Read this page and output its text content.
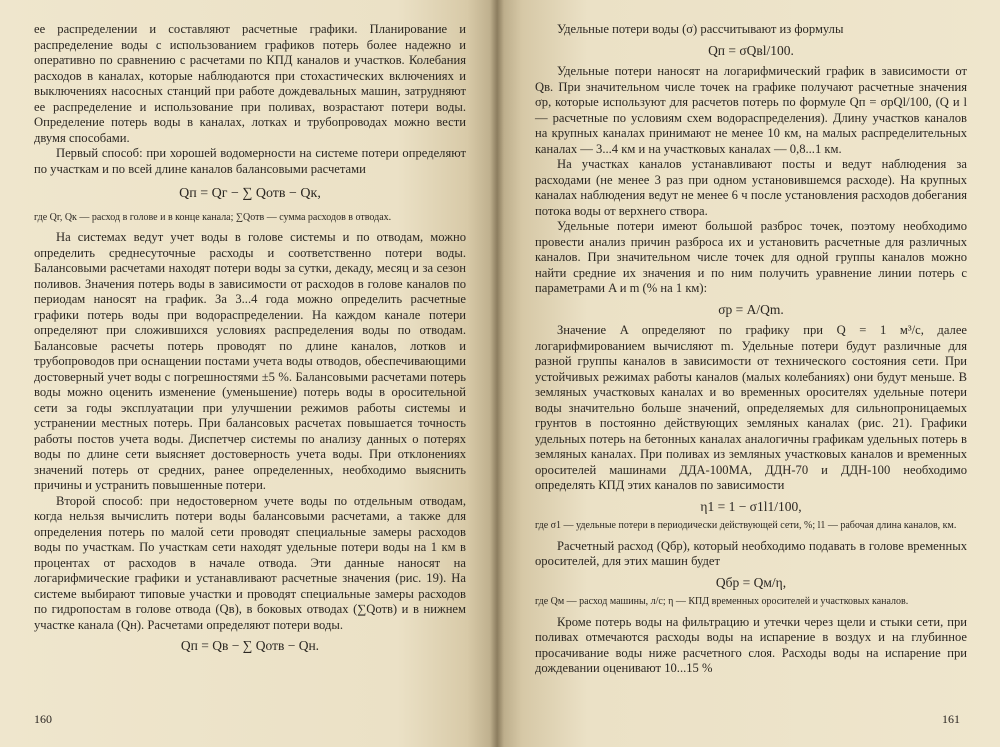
ее распределении и составляют расчетные графики. Планирование и распределение воды с использованием графиков потерь более надежно и оперативно по сравнению с расчетами по КПД каналов и участков. Колебания расходов в каналах, которые наблюдаются при стохастических включениях и выключениях насосных станций при работе дождевальных машин, затрудняют ее распределение и использование при поливах, возрастают потери воды. Определение потерь воды в каналах, лотках и трубопроводах можно вести двумя способами.

Первый способ: при хорошей водомерности на системе потери определяют по участкам и по всей длине каналов балансовыми расчетами

Qп = Qг − ∑ Qотв − Qк,

где Qг, Qк — расход в голове и в конце канала; ∑Qотв — сумма расходов в отводах.

На системах ведут учет воды в голове системы и по отводам, можно определить среднесуточные расходы и соответственно потери воды. Балансовыми расчетами находят потери воды за сутки, декаду, месяц и за сезон поливов. Значения потерь воды в зависимости от расходов в голове каналов по периодам наносят на график. За 3...4 года можно определить расчетные графики потерь воды при водораспределении. На каждом канале потери определяют при сложившихся условиях распределения воды по отводам. Балансовые расчеты потерь проводят по длине каналов, лотков и трубопроводов при оснащении постами учета воды отводов, обеспечивающими достоверный учет воды с погрешностями ±5 %. Балансовыми расчетами потерь воды можно оценить изменение (уменьшение) потерь воды в оросительной сети за годы эксплуатации при улучшении режимов работы системы и устранении местных потерь. При балансовых расчетах повышается точность работы постов учета воды. Диспетчер системы по анализу данных о потерях воды по длине сети выясняет достоверность учета воды. При отклонениях значений потерь от средних, ранее определенных, необходимо выяснить причины и устранить повышенные потери.

Второй способ: при недостоверном учете воды по отдельным отводам, когда нельзя вычислить потери воды балансовыми расчетами, а также для определения потерь по малой сети проводят специальные замеры расходов воды по участкам. По участкам сети находят удельные потери воды на 1 км в процентах от расходов в начале отвода. Эти данные наносят на логарифмические графики и устанавливают расчетные значения (рис. 19). На системе выбирают типовые участки и проводят специальные замеры расходов по гидропостам в голове отвода (Qв), в боковых отводах (∑Qотв) и в нижнем участке канала (Qн). Расчетами определяют потери воды.

Qп = Qв − ∑ Qотв − Qн.

160

Удельные потери воды (σ) рассчитывают из формулы

Qп = σQвl/100.

Удельные потери наносят на логарифмический график в зависимости от Qв. При значительном числе точек на графике получают расчетные значения σр, которые используют для расчетов потерь по формуле Qп = σрQl/100, (Q и l — расчетные по условиям схем водораспределения). Длину участков каналов на крупных каналах принимают не менее 10 км, на малых распределительных каналах — 3...4 км и на участковых каналах — 0,8...1 км.

На участках каналов устанавливают посты и ведут наблюдения за расходами (не менее 3 раз при одном установившемся расходе). На крупных каналах наблюдения ведут не менее 6 ч после установления расходов добегания потока воды от верхнего створа.

Удельные потери имеют большой разброс точек, поэтому необходимо провести анализ причин разброса их и установить расчетные для различных каналов. При значительном числе точек для одной группы каналов можно найти средние их значения и по ним получить уравнение линии потерь с параметрами A и m (% на 1 км):

σр = A/Qm.

Значение A определяют по графику при Q = 1 м³/с, далее логарифмированием вычисляют m. Удельные потери будут различные для разной группы каналов в зависимости от технического состояния сети. При устойчивых режимах работы каналов (малых колебаниях) они будут меньше. В земляных участковых каналах и во временных оросителях удельные потери воды значительно больше значений, определяемых для сильнопроницаемых грунтов в постоянно действующих земляных каналах (рис. 21). Графики удельных потерь на бетонных каналах аналогичны графикам удельных потерь в земляных каналах. При поливах из земляных участковых каналов и временных оросителей машинами ДДА-100МА, ДДН-70 и ДДН-100 необходимо определять КПД этих каналов по зависимости

η1 = 1 − σ1l1/100,

где σ1 — удельные потери в периодически действующей сети, %; l1 — рабочая длина каналов, км.

Расчетный расход (Qбр), который необходимо подавать в голове временных оросителей, для этих машин будет

Qбр = Qм/η,

где Qм — расход машины, л/с; η — КПД временных оросителей и участковых каналов.

Кроме потерь воды на фильтрацию и утечки через щели и стыки сети, при поливах отмечаются расходы воды на испарение в воздух и на глубинное просачивание воды ниже расчетного слоя. Расходы воды на испарение при дождевании оценивают 10...15 %

161
